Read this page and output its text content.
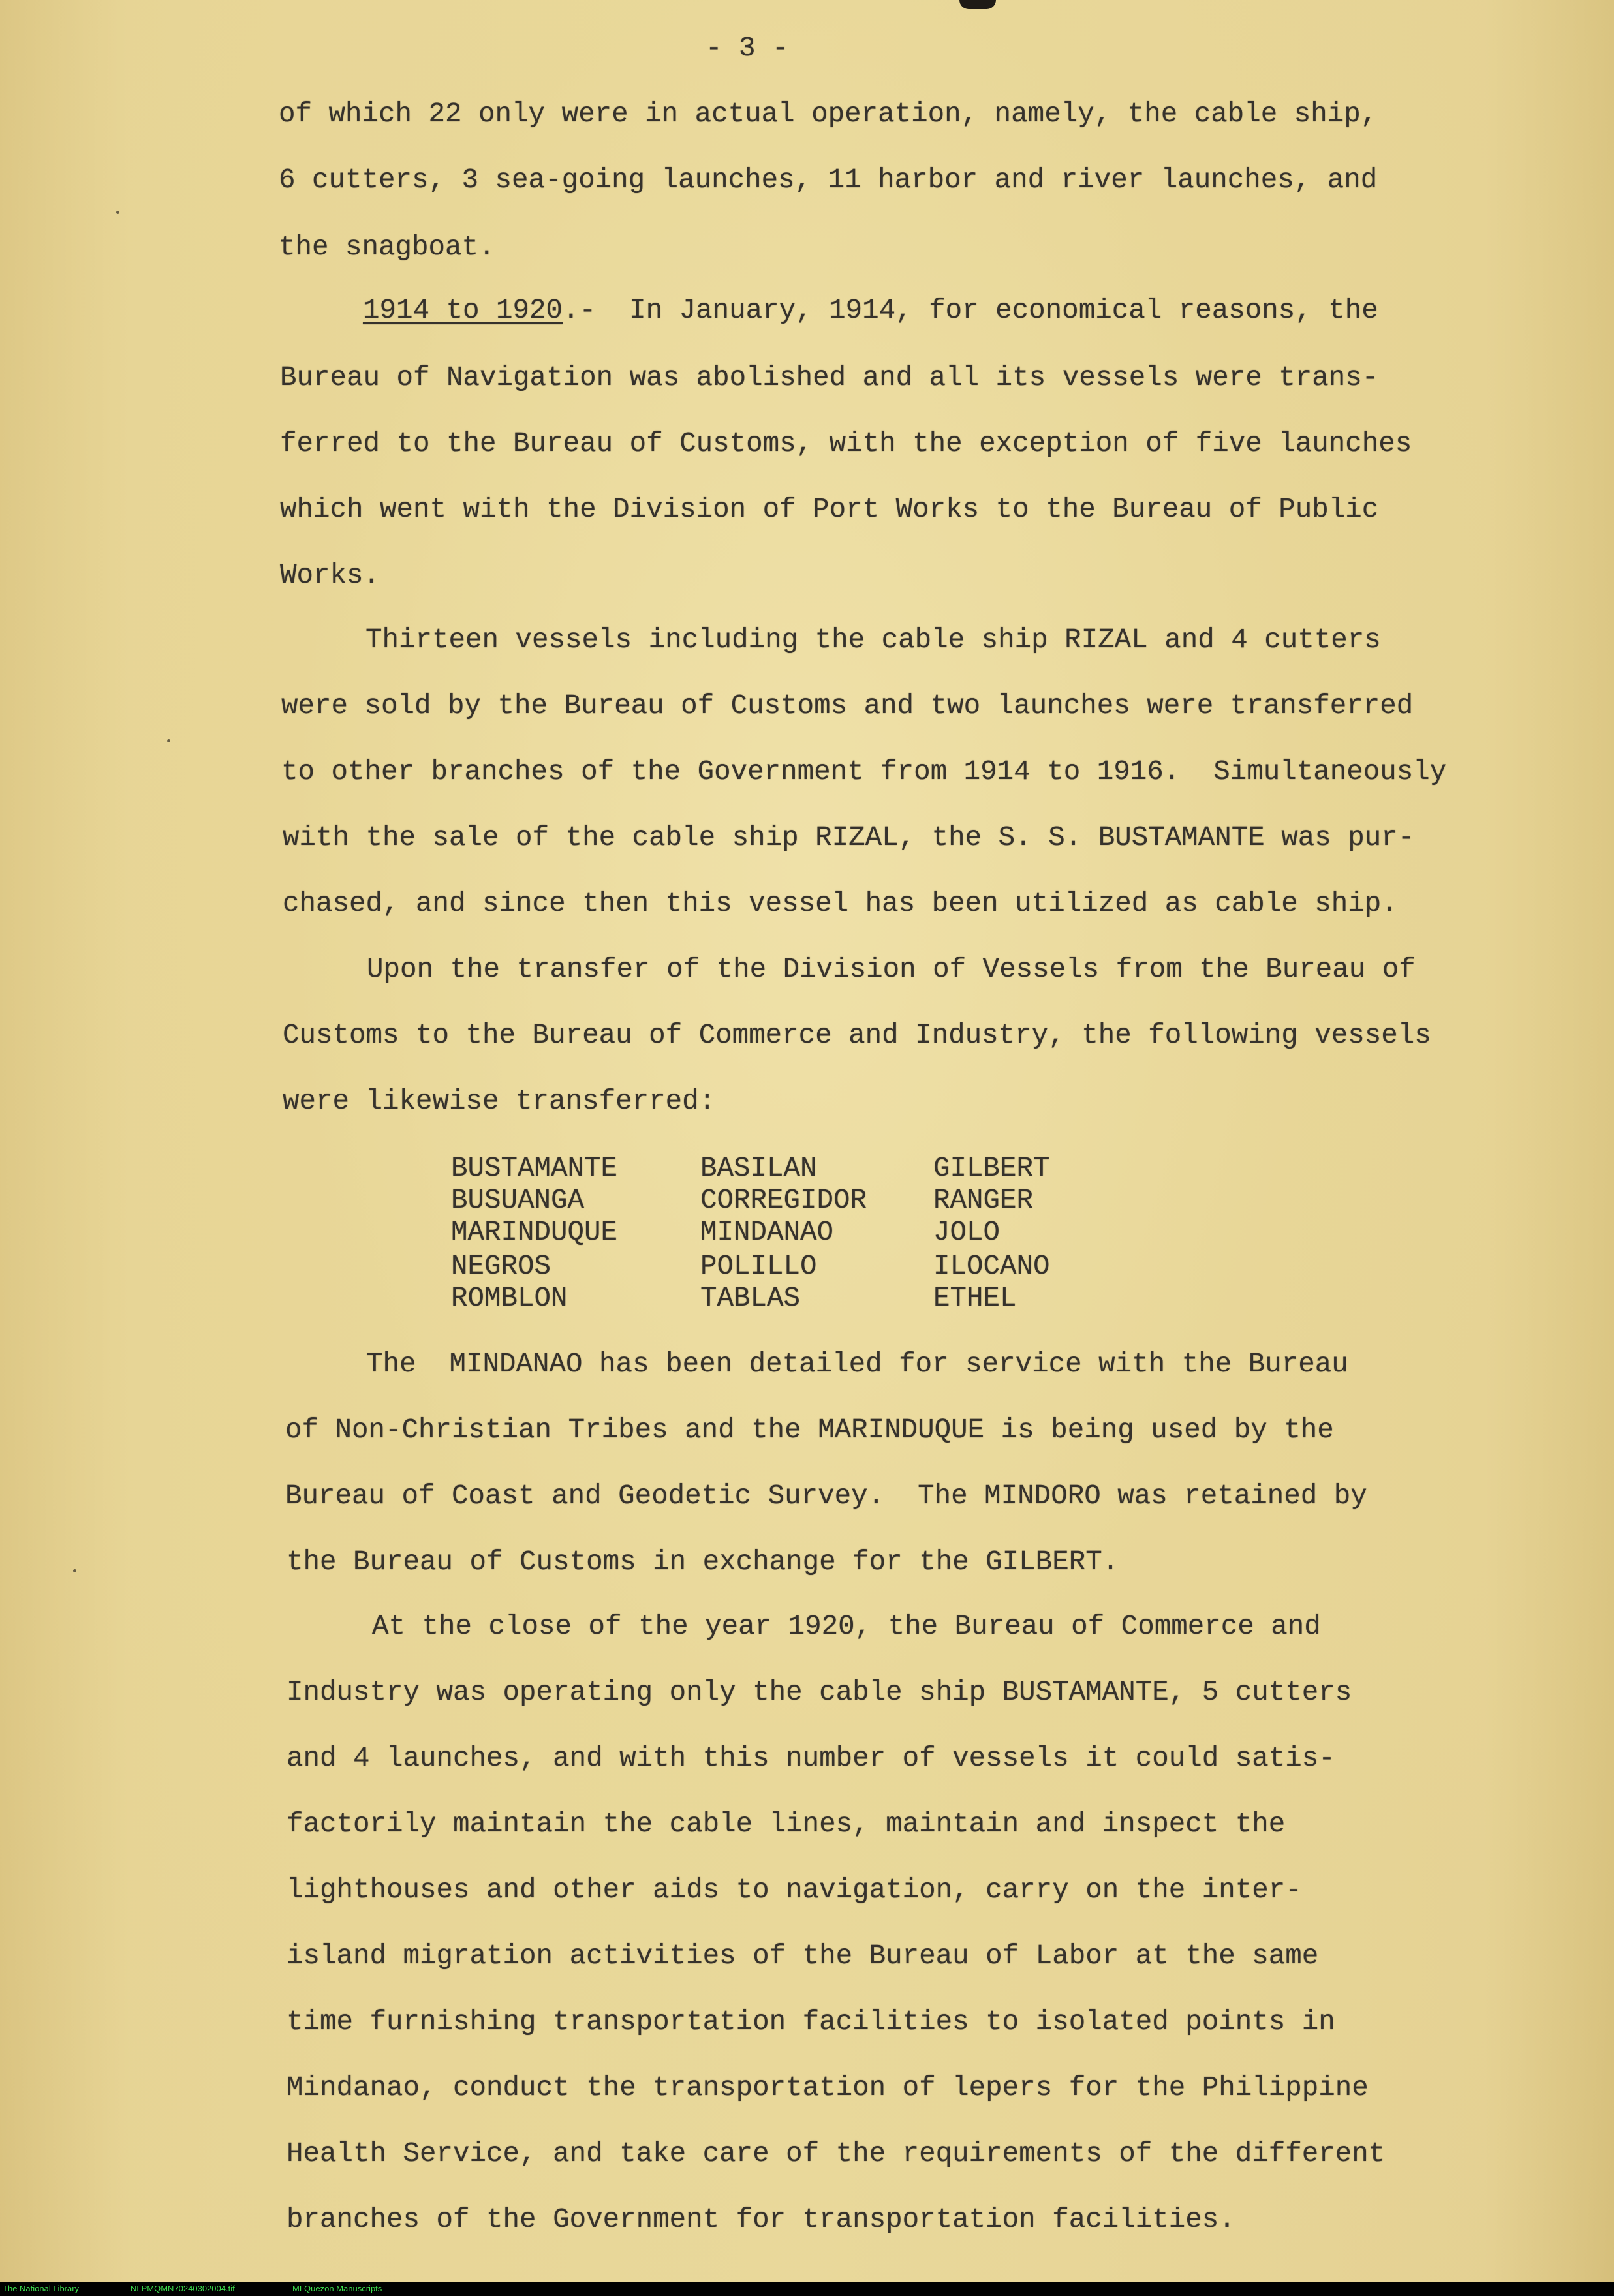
- 3 -
of which 22 only were in actual operation, namely, the cable ship,
6 cutters, 3 sea-going launches, 11 harbor and river launches, and
the snagboat.
1914 to 1920.-  In January, 1914, for economical reasons, the
Bureau of Navigation was abolished and all its vessels were trans-
ferred to the Bureau of Customs, with the exception of five launches
which went with the Division of Port Works to the Bureau of Public
Works.
Thirteen vessels including the cable ship RIZAL and 4 cutters
were sold by the Bureau of Customs and two launches were transferred
to other branches of the Government from 1914 to 1916.  Simultaneously
with the sale of the cable ship RIZAL, the S. S. BUSTAMANTE was pur-
chased, and since then this vessel has been utilized as cable ship.
Upon the transfer of the Division of Vessels from the Bureau of
Customs to the Bureau of Commerce and Industry, the following vessels
were likewise transferred:
BUSTAMANTE
BUSUANGA
MARINDUQUE
NEGROS
ROMBLON
BASILAN
CORREGIDOR
MINDANAO
POLILLO
TABLAS
GILBERT
RANGER
JOLO
ILOCANO
ETHEL
The  MINDANAO has been detailed for service with the Bureau
of Non-Christian Tribes and the MARINDUQUE is being used by the
Bureau of Coast and Geodetic Survey.  The MINDORO was retained by
the Bureau of Customs in exchange for the GILBERT.
At the close of the year 1920, the Bureau of Commerce and
Industry was operating only the cable ship BUSTAMANTE, 5 cutters
and 4 launches, and with this number of vessels it could satis-
factorily maintain the cable lines, maintain and inspect the
lighthouses and other aids to navigation, carry on the inter-
island migration activities of the Bureau of Labor at the same
time furnishing transportation facilities to isolated points in
Mindanao, conduct the transportation of lepers for the Philippine
Health Service, and take care of the requirements of the different
branches of the Government for transportation facilities.
The National Library	NLPMQMN70240302004.tif	MLQuezon Manuscripts
